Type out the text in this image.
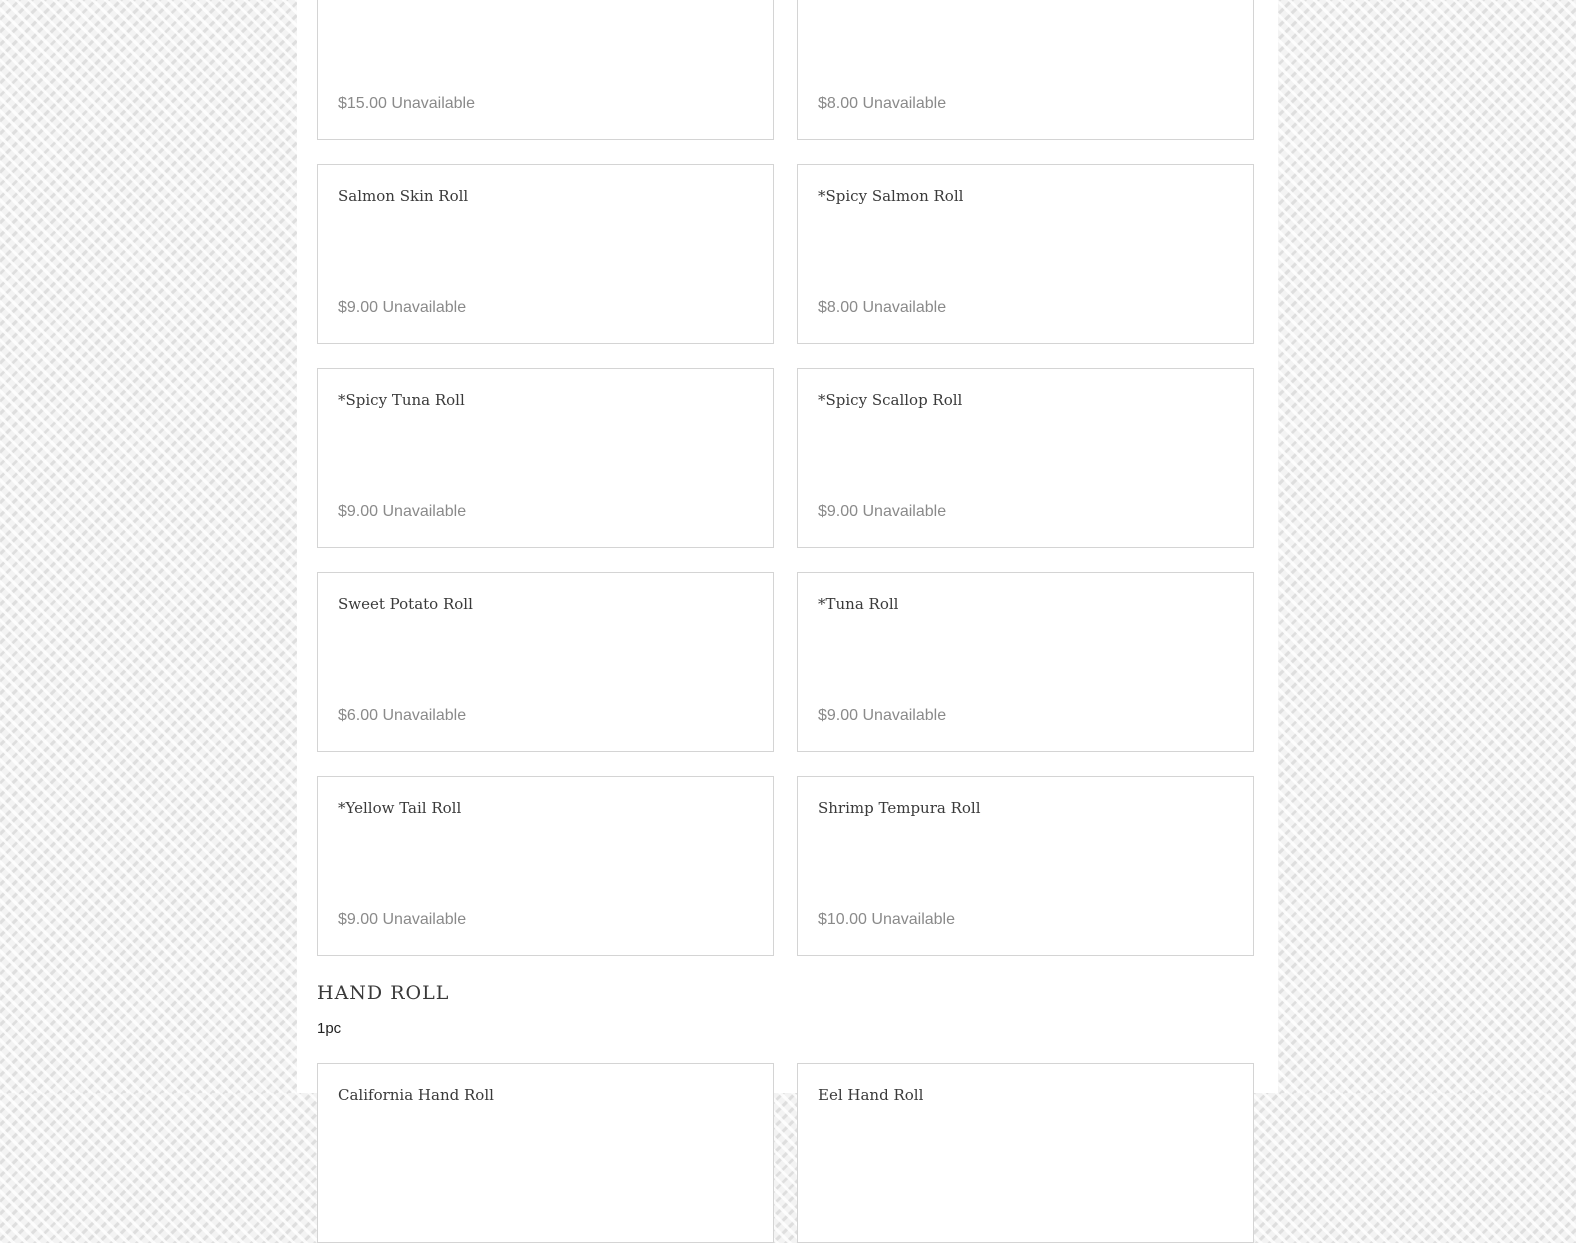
$15.00 Unavailable	$8.00 Unavailable
Salmon Skin Roll
$9.00 Unavailable
*Spicy Salmon Roll
$8.00 Unavailable
*Spicy Tuna Roll
$9.00 Unavailable
*Spicy Scallop Roll
$9.00 Unavailable
Sweet Potato Roll
$6.00 Unavailable
*Tuna Roll
$9.00 Unavailable
*Yellow Tail Roll
$9.00 Unavailable
Shrimp Tempura Roll
$10.00 Unavailable
HAND ROLL
1pc
California Hand Roll	Eel Hand Roll
